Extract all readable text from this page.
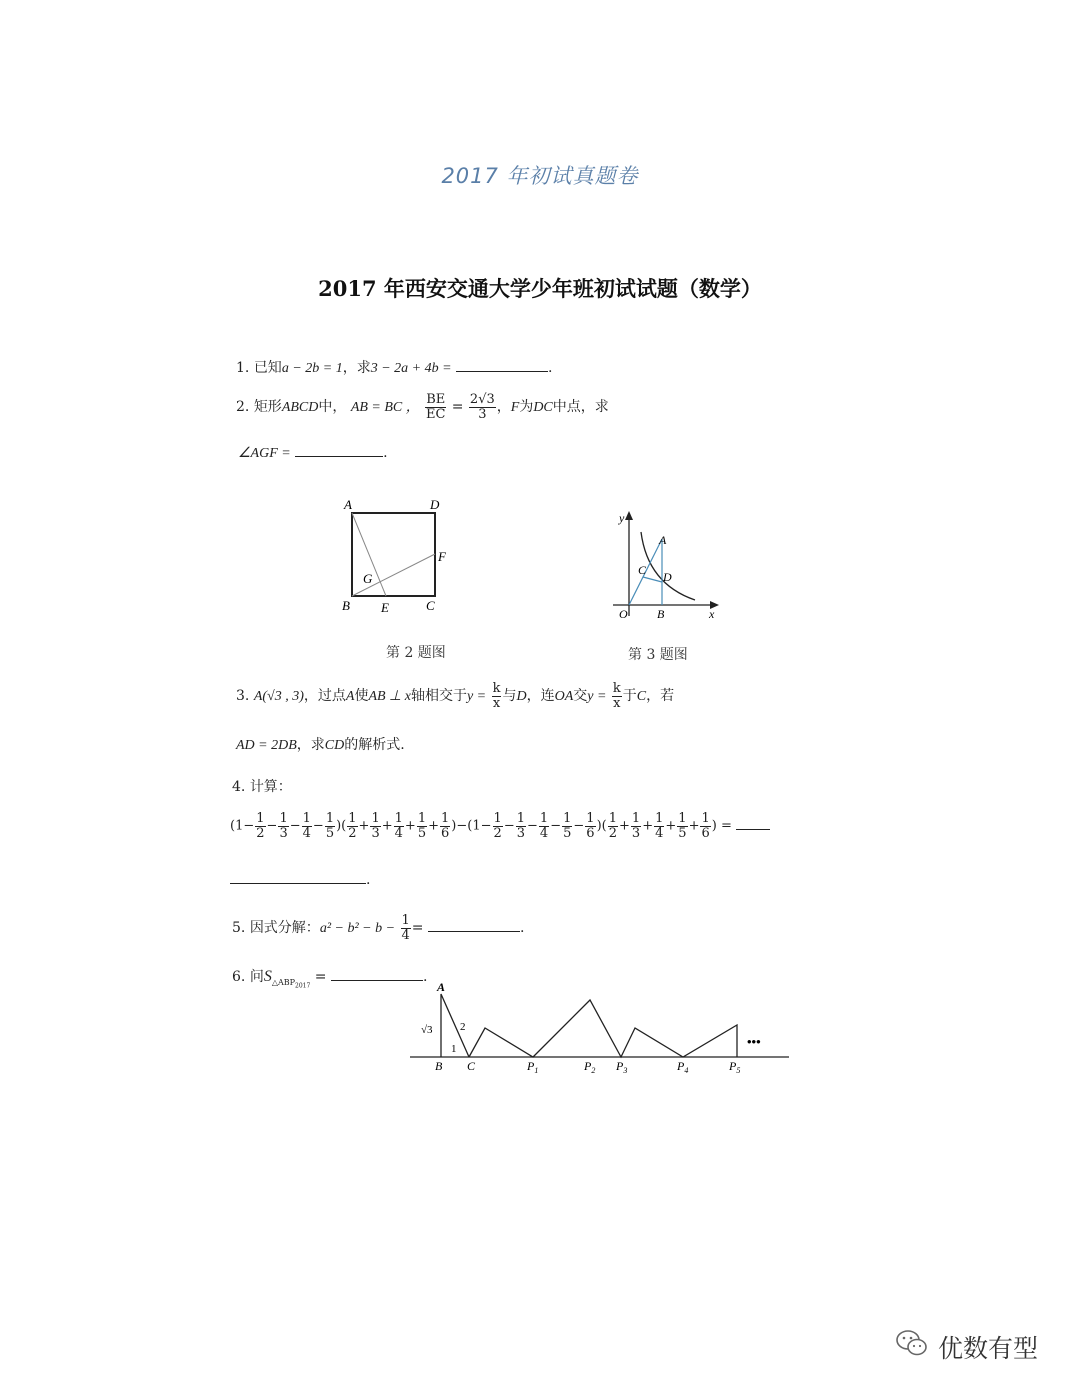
2017 年初试真题卷
2017 年西安交通大学少年班初试试题（数学）
1. 已知a − 2b = 1，求3 − 2a + 4b =	.
2. 矩形ABCD中， AB = BC ， $\frac{BE}{EC} = \frac{2√3}{3}$ ，F为DC中点，求
∠AGF =	.
A	D
B E	C
F
G
第 2 题图
y
x
O
A
C D
B
第 3 题图
3. A(√3 , 3)，过点A使AB ⊥ x轴相交于$y = \frac{k}{x}$ 与D，连OA交$y = \frac{k}{x}$ 于C，若
AD = 2DB，求CD的解析式.
4. 计算：
($1- \frac{1}{2} - \frac{1}{3} - \frac{1}{4} - \frac{1}{5}$ )( $\frac{1}{2} + \frac{1}{3} + \frac{1}{4} + \frac{1}{5} + \frac{1}{6} )-(1- \frac{1}{2} - \frac{1}{3} - \frac{1}{4} - \frac{1}{5} - \frac{1}{6}$ )( $\frac{1}{2} + \frac{1}{3} + \frac{1}{4} + \frac{1}{5} + \frac{1}{6}$ ) =
.
5. 因式分解：$a^2 - b^2 - b - \frac{1}{4}$ =	.
6. 问$S_{\triangle ABP_{2017}}$ =	.
A
√3 2
1
B C	$P_1$	$P_2$ $P_3$	$P_4$	$P_5$
•••
优数有型
